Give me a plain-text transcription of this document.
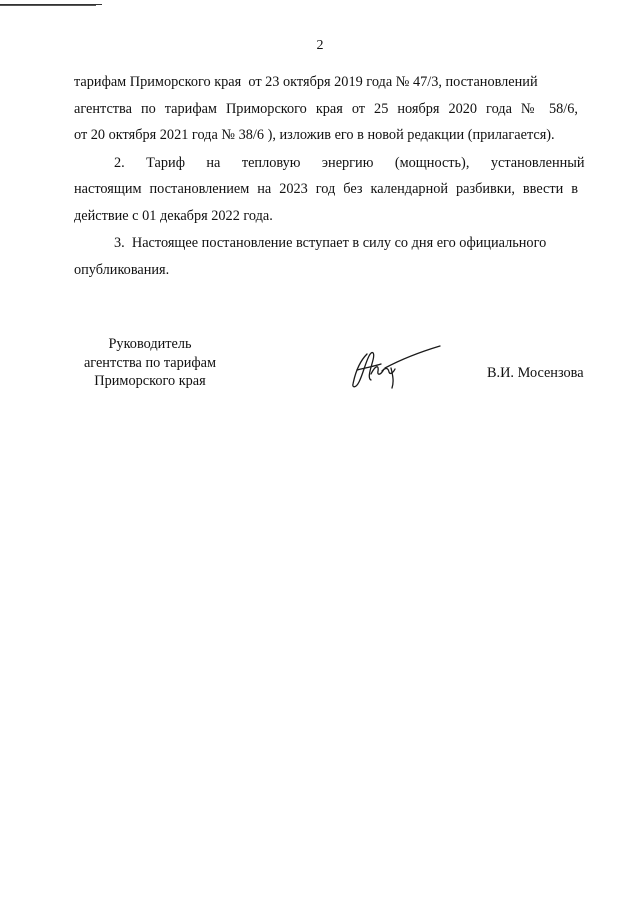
2

тарифам Приморского края  от 23 октября 2019 года № 47/3, постановлений

агентства по тарифам Приморского края от 25 ноября 2020 года № 58/6,

от 20 октября 2021 года № 38/6 ), изложив его в новой редакции (прилагается).

2.      Тариф      на      тепловую      энергию      (мощность),      установленный

настоящим постановлением на 2023 год без календарной разбивки, ввести в

действие с 01 декабря 2022 года.

3.  Настоящее постановление вступает в силу со дня его официального

опубликования.

Руководитель
агентства по тарифам
Приморского края	В.И. Мосензова
